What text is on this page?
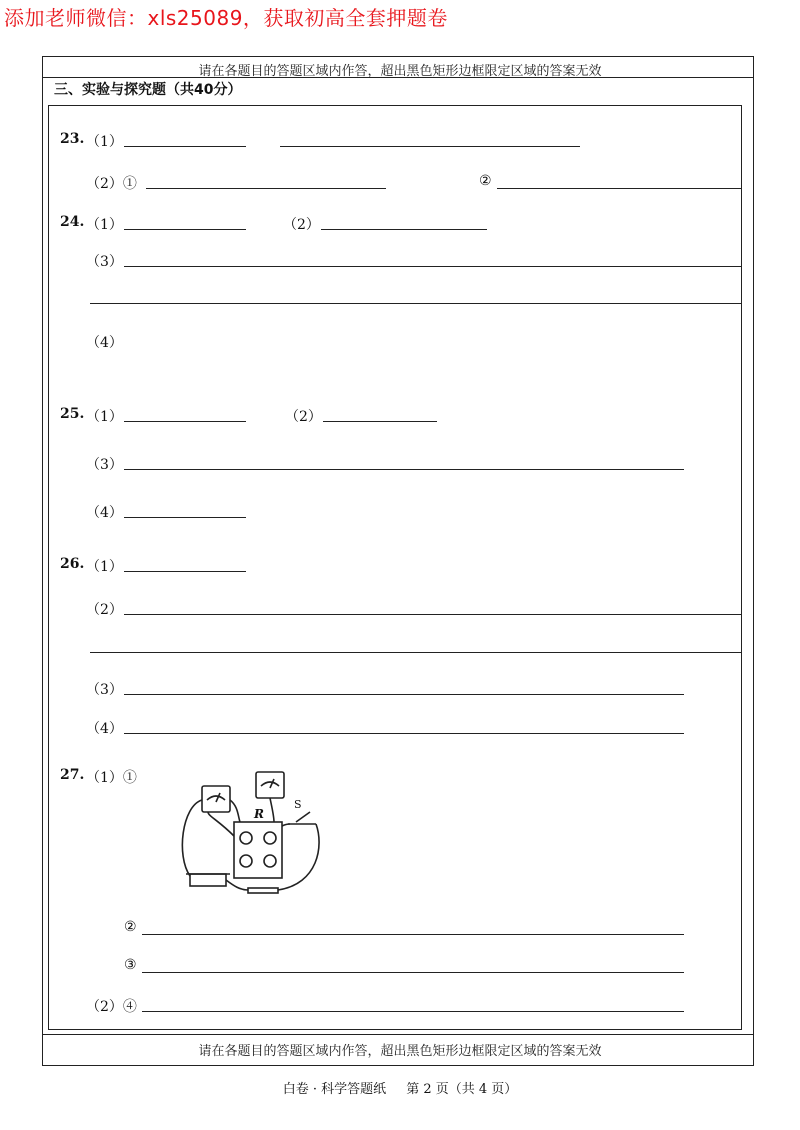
添加老师微信：xls25089，获取初高全套押题卷
请在各题目的答题区域内作答，超出黑色矩形边框限定区域的答案无效
三、实验与探究题（共40分）
23. （1）
（2）①	②
24. （1）	（2）
（3）
（4）
25. （1）	（2）
（3）
（4）
26. （1）
（2）
（3）
（4）
27. （1）①
R
S
②
③
（2）④
请在各题目的答题区域内作答，超出黑色矩形边框限定区域的答案无效
白卷 · 科学答题纸 第 2 页（共 4 页）
